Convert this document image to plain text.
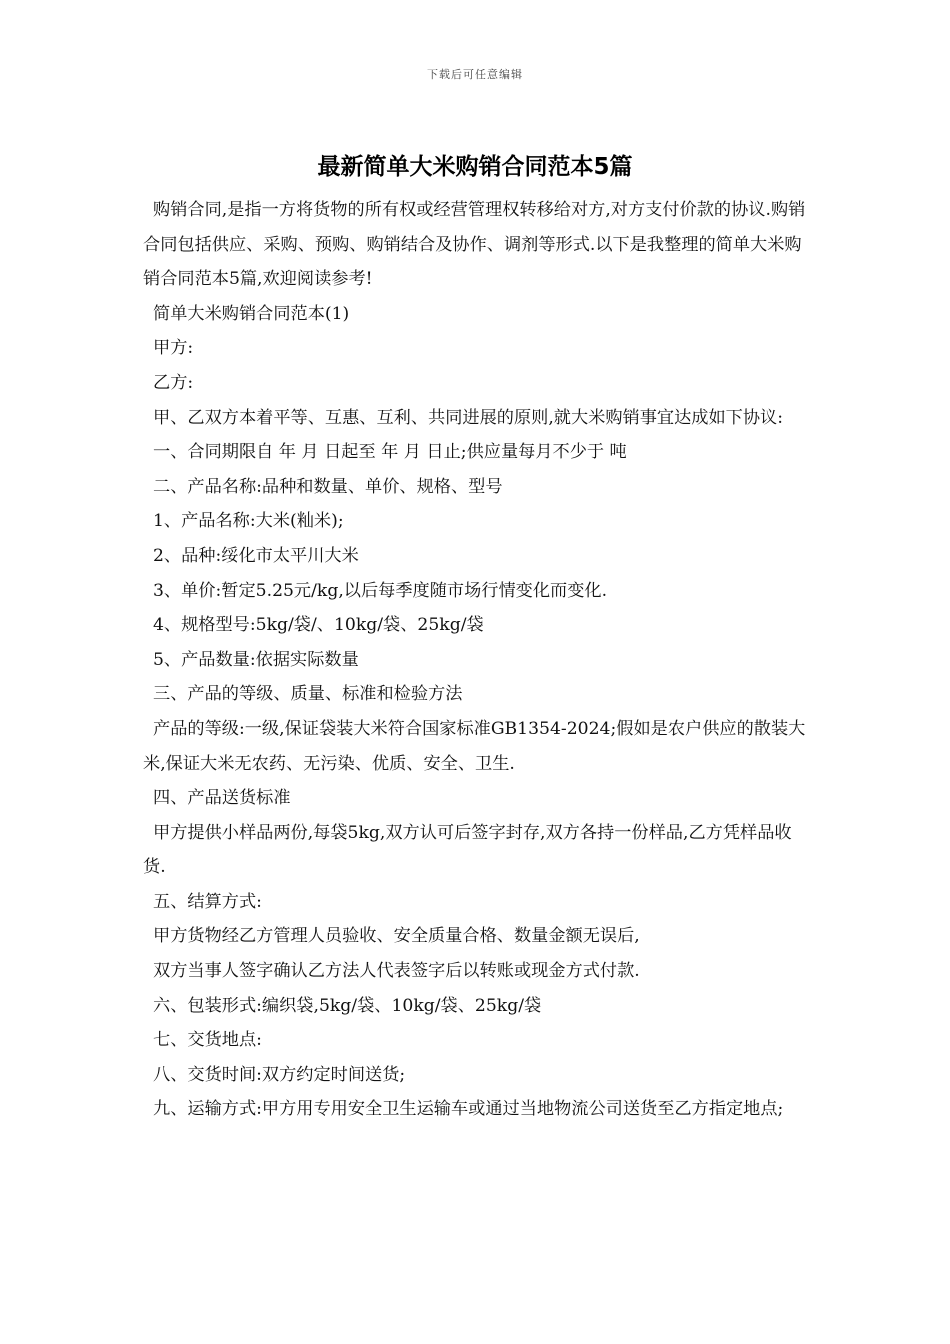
下载后可任意编辑
最新简单大米购销合同范本5篇

购销合同,是指一方将货物的所有权或经营管理权转移给对方,对方支付价款的协议.购销合同包括供应、采购、预购、购销结合及协作、调剂等形式.以下是我整理的简单大米购销合同范本5篇,欢迎阅读参考!

简单大米购销合同范本(1)

甲方:

乙方:

甲、乙双方本着平等、互惠、互利、共同进展的原则,就大米购销事宜达成如下协议:

一、合同期限自 年 月 日起至 年 月 日止;供应量每月不少于 吨

二、产品名称:品种和数量、单价、规格、型号

1、产品名称:大米(籼米);

2、品种:绥化市太平川大米

3、单价:暂定5.25元/kg,以后每季度随市场行情变化而变化.

4、规格型号:5kg/袋/、10kg/袋、25kg/袋

5、产品数量:依据实际数量

三、产品的等级、质量、标准和检验方法

产品的等级:一级,保证袋装大米符合国家标准GB1354-2024;假如是农户供应的散装大米,保证大米无农药、无污染、优质、安全、卫生.

四、产品送货标准

甲方提供小样品两份,每袋5kg,双方认可后签字封存,双方各持一份样品,乙方凭样品收货.

五、结算方式:

甲方货物经乙方管理人员验收、安全质量合格、数量金额无误后,

双方当事人签字确认乙方法人代表签字后以转账或现金方式付款.

六、包装形式:编织袋,5kg/袋、10kg/袋、25kg/袋

七、交货地点:

八、交货时间:双方约定时间送货;

九、运输方式:甲方用专用安全卫生运输车或通过当地物流公司送货至乙方指定地点;
